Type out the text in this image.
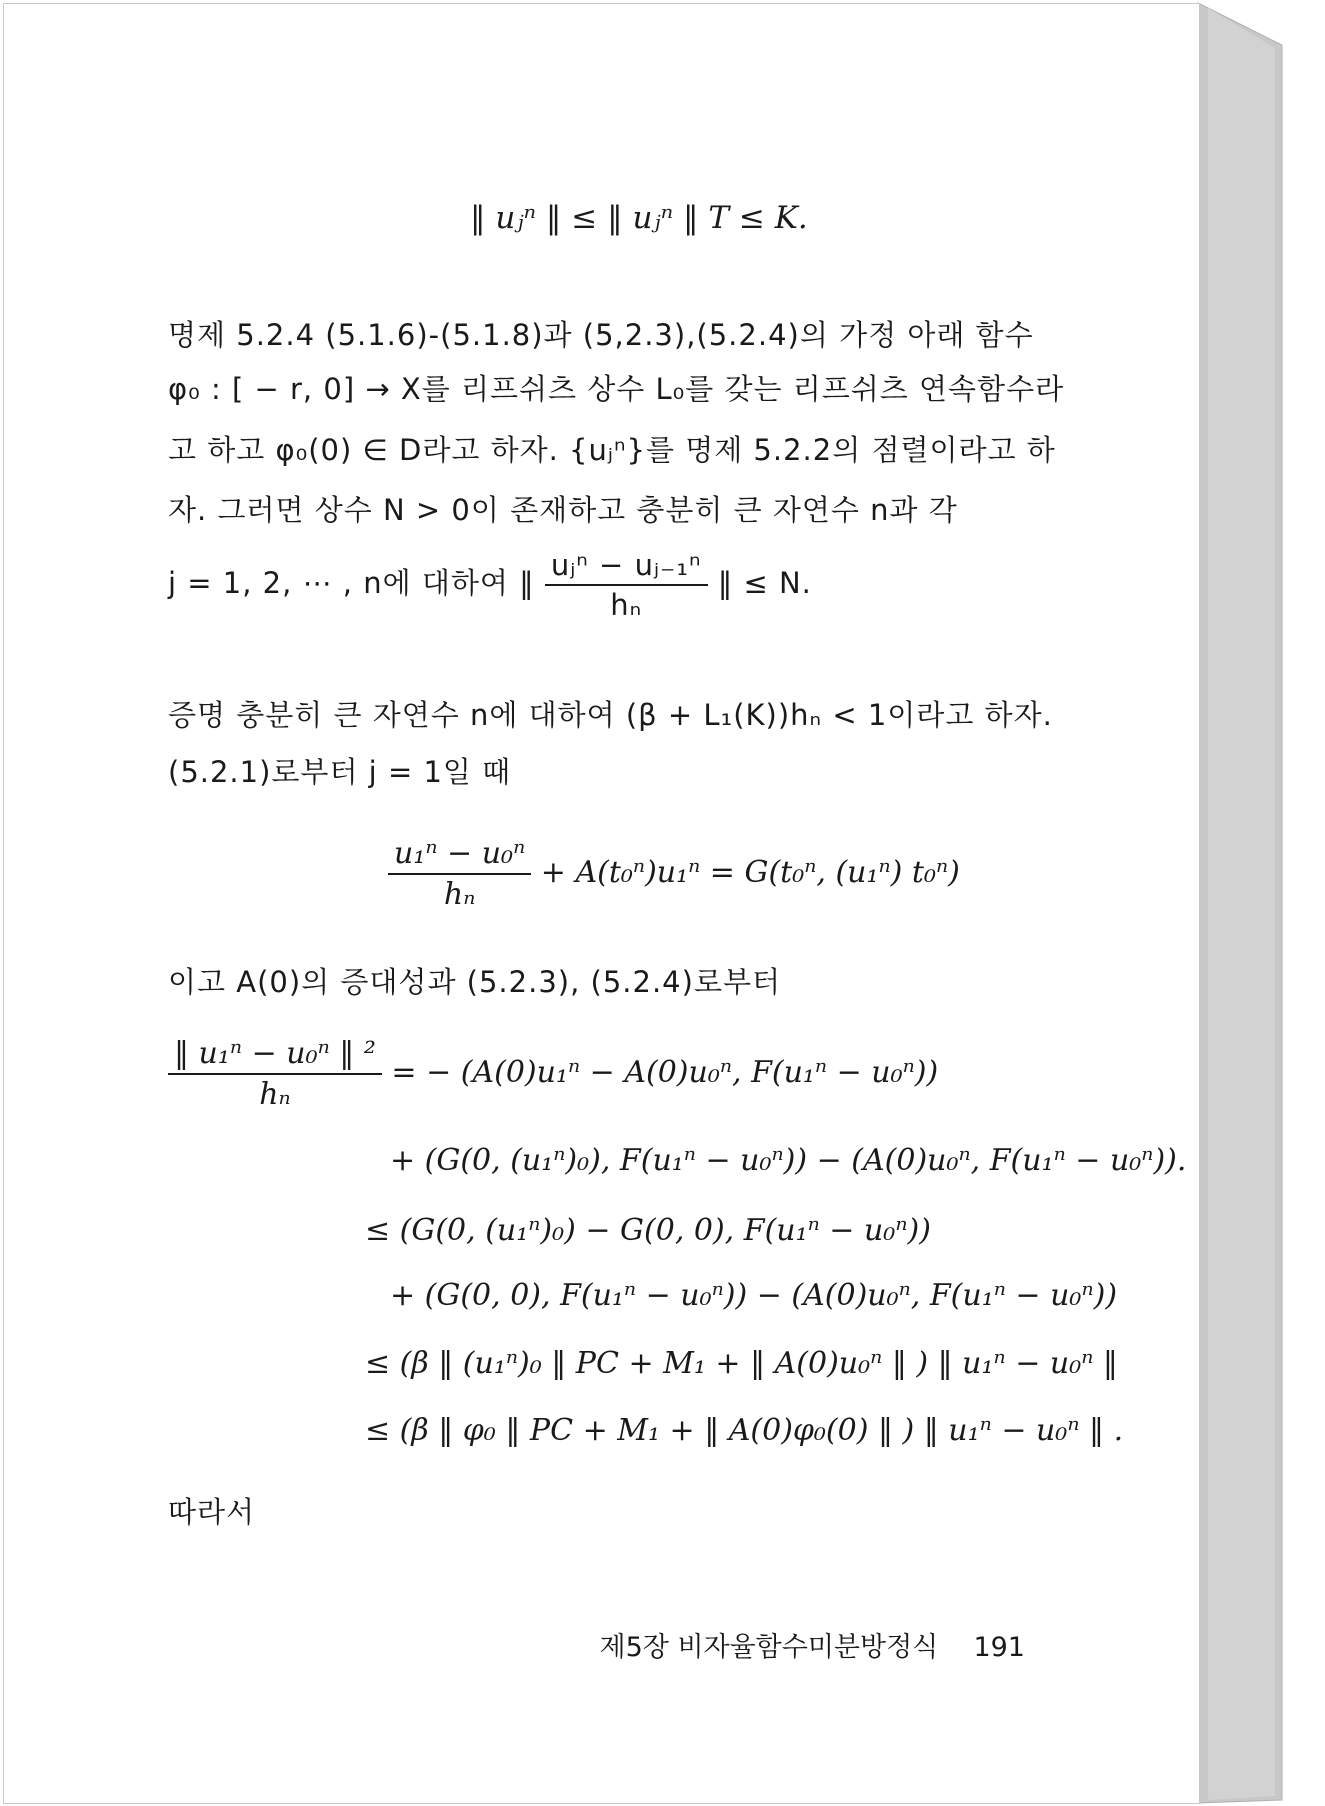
‖ uⱼⁿ ‖ ≤ ‖ uⱼⁿ ‖ T ≤ K.
명제 5.2.4 (5.1.6)-(5.1.8)과 (5,2.3),(5.2.4)의 가정 아래 함수
φ₀ : [ − r, 0] → X를 리프쉬츠 상수 L₀를 갖는 리프쉬츠 연속함수라
고 하고 φ₀(0) ∈ D라고 하자. {uⱼⁿ}를 명제 5.2.2의 점렬이라고 하
자. 그러면 상수 N > 0이 존재하고 충분히 큰 자연수 n과 각
j = 1, 2, ⋯ , n에 대하여 ‖ $\frac{\text{uⱼⁿ − uⱼ₋₁ⁿ}}{\text{hₙ}}$ ‖ ≤ N.
증명 충분히 큰 자연수 n에 대하여 (β + L₁(K))hₙ < 1이라고 하자.
(5.2.1)로부터 j = 1일 때
$\frac{\text{u₁ⁿ − u₀ⁿ}}{\text{hₙ}} + A(t_0^n)u_1^n = G(t_0^n$, (u₁ⁿ) t₀ⁿ)
이고 A(0)의 증대성과 (5.2.3), (5.2.4)로부터
$\frac{\text{‖ u₁ⁿ − u₀ⁿ ‖ ²}}{\text{hₙ}}$ = − (A(0)u₁ⁿ − A(0)u₀ⁿ, F(u₁ⁿ − u₀ⁿ))
+ (G(0, (u₁ⁿ)₀), F(u₁ⁿ − u₀ⁿ)) − (A(0)u₀ⁿ, F(u₁ⁿ − u₀ⁿ)).
≤ (G(0, (u₁ⁿ)₀) − G(0, 0), F(u₁ⁿ − u₀ⁿ))
+ (G(0, 0), F(u₁ⁿ − u₀ⁿ)) − (A(0)u₀ⁿ, F(u₁ⁿ − u₀ⁿ))
≤ (β ‖ (u₁ⁿ)₀ ‖ PC + M₁ + ‖ A(0)u₀ⁿ ‖ ) ‖ u₁ⁿ − u₀ⁿ ‖
≤ (β ‖ φ₀ ‖ PC + M₁ + ‖ A(0)φ₀(0) ‖ ) ‖ u₁ⁿ − u₀ⁿ ‖ .
따라서
제5장 비자율함수미분방정식 191
